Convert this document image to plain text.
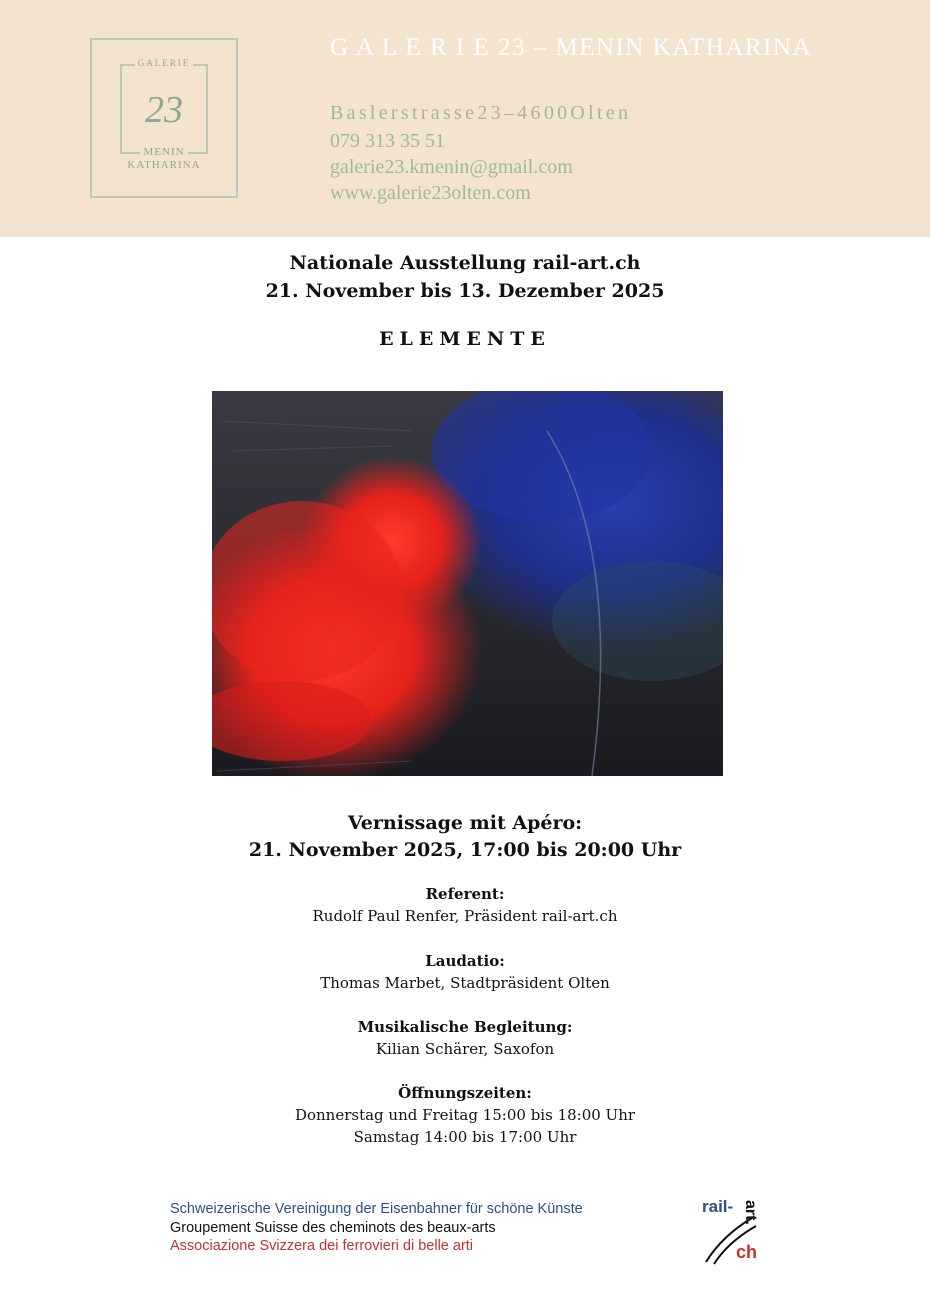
GALERIE
23
MENIN
KATHARINA
G A L E R I E 23 – MENIN KATHARINA
Baslerstrasse23–4600Olten
079 313 35 51
galerie23.kmenin@gmail.com
www.galerie23olten.com
Nationale Ausstellung rail-art.ch
21. November bis 13. Dezember 2025
ELEMENTE
Vernissage mit Apéro:
21. November 2025, 17:00 bis 20:00 Uhr
Referent:
Rudolf Paul Renfer, Präsident rail-art.ch
Laudatio:
Thomas Marbet, Stadtpräsident Olten
Musikalische Begleitung:
Kilian Schärer, Saxofon
Öffnungszeiten:
Donnerstag und Freitag 15:00 bis 18:00 Uhr
Samstag 14:00 bis 17:00 Uhr
Schweizerische Vereinigung der Eisenbahner für schöne Künste
Groupement Suisse des cheminots des beaux-arts
Associazione Svizzera dei ferrovieri di belle arti
rail- art.
ch
